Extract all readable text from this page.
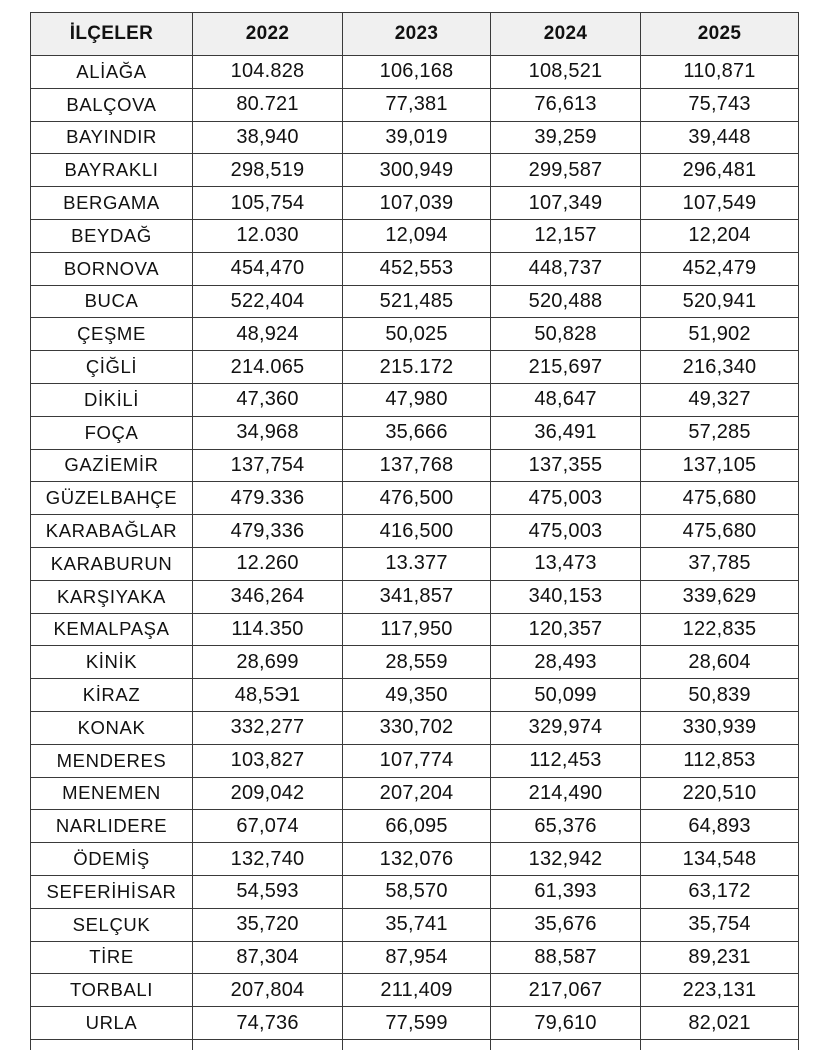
İLÇELER	2022	2023	2024	2025
ALİAĞA	104.828	106,168	108,521	110,871
BALÇOVA	80.721	77,381	76,613	75,743
BAYINDIR	38,940	39,019	39,259	39,448
BAYRAKLI	298,519	300,949	299,587	296,481
BERGAMA	105,754	107,039	107,349	107,549
BEYDAĞ	12.030	12,094	12,157	12,204
BORNOVA	454,470	452,553	448,737	452,479
BUCA	522,404	521,485	520,488	520,941
ÇEŞME	48,924	50,025	50,828	51,902
ÇİĞLİ	214.065	215.172	215,697	216,340
DİKİLİ	47,360	47,980	48,647	49,327
FOÇA	34,968	35,666	36,491	57,285
GAZİEMİR	137,754	137,768	137,355	137,105
GÜZELBAHÇE	479.336	476,500	475,003	475,680
KARABAĞLAR	479,336	416,500	475,003	475,680
KARABURUN	12.260	13.377	13,473	37,785
KARŞIYAKA	346,264	341,857	340,153	339,629
KEMALPAŞA	114.350	117,950	120,357	122,835
KİNİK	28,699	28,559	28,493	28,604
KİRAZ	48,5Э1	49,350	50,099	50,839
KONAK	332,277	330,702	329,974	330,939
MENDERES	103,827	107,774	112,453	112,853
MENEMEN	209,042	207,204	214,490	220,510
NARLIDERE	67,074	66,095	65,376	64,893
ÖDEMİŞ	132,740	132,076	132,942	134,548
SEFERİHİSAR	54,593	58,570	61,393	63,172
SELÇUK	35,720	35,741	35,676	35,754
TİRE	87,304	87,954	88,587	89,231
TORBALI	207,804	211,409	217,067	223,131
URLA	74,736	77,599	79,610	82,021
